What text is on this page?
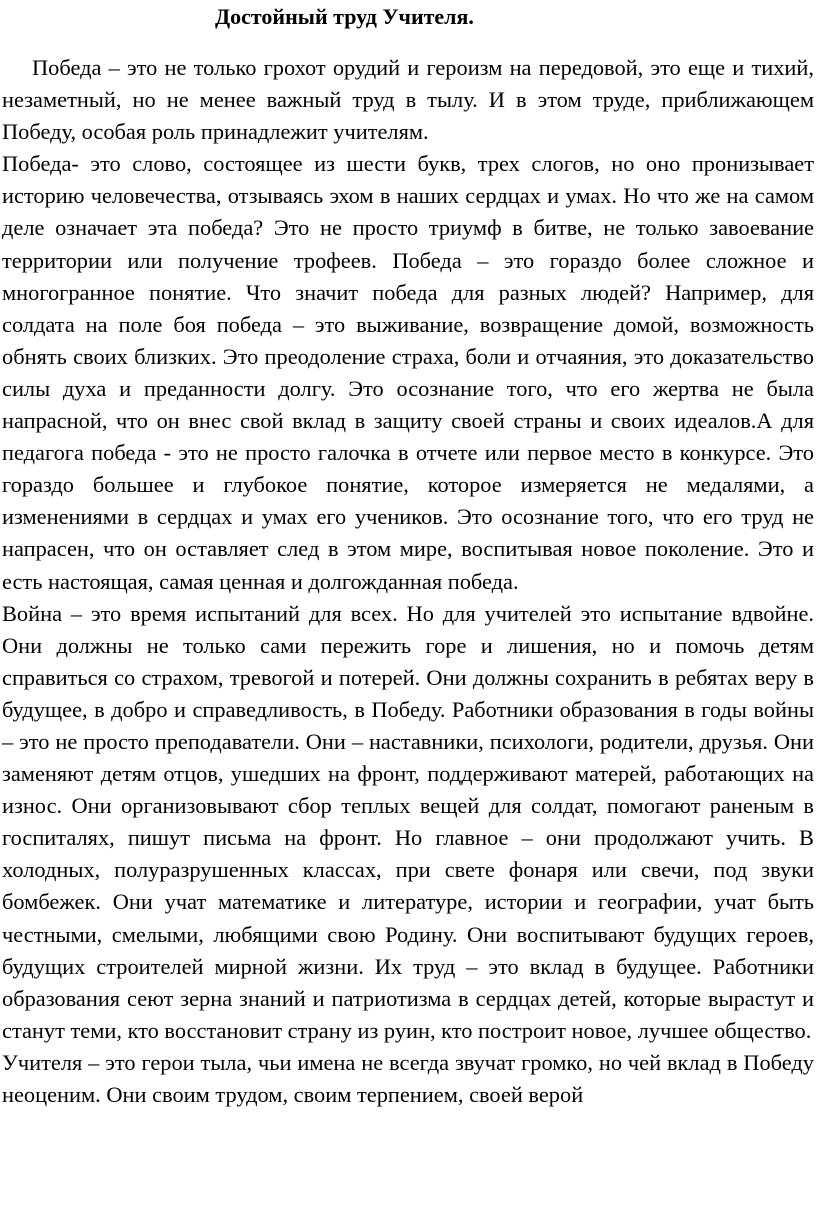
Достойный труд Учителя.

Победа – это не только грохот орудий и героизм на передовой, это еще и тихий, незаметный, но не менее важный труд в тылу. И в этом труде, приближающем Победу, особая роль принадлежит учителям.

Победа- это слово, состоящее из шести букв, трех слогов, но оно пронизывает историю человечества, отзываясь эхом в наших сердцах и умах. Но что же на самом деле означает эта победа? Это не просто триумф в битве, не только завоевание территории или получение трофеев. Победа – это гораздо более сложное и многогранное понятие. Что значит победа для разных людей? Например, для солдата на поле боя победа – это выживание, возвращение домой, возможность обнять своих близких. Это преодоление страха, боли и отчаяния, это доказательство силы духа и преданности долгу. Это осознание того, что его жертва не была напрасной, что он внес свой вклад в защиту своей страны и своих идеалов.А для педагога победа - это не просто галочка в отчете или первое место в конкурсе. Это гораздо большее и глубокое понятие, которое измеряется не медалями, а изменениями в сердцах и умах его учеников. Это осознание того, что его труд не напрасен, что он оставляет след в этом мире, воспитывая новое поколение. Это и есть настоящая, самая ценная и долгожданная победа.

Война – это время испытаний для всех. Но для учителей это испытание вдвойне. Они должны не только сами пережить горе и лишения, но и помочь детям справиться со страхом, тревогой и потерей. Они должны сохранить в ребятах веру в будущее, в добро и справедливость, в Победу. Работники образования в годы войны – это не просто преподаватели. Они – наставники, психологи, родители, друзья. Они заменяют детям отцов, ушедших на фронт, поддерживают матерей, работающих на износ. Они организовывают сбор теплых вещей для солдат, помогают раненым в госпиталях, пишут письма на фронт. Но главное – они продолжают учить. В холодных, полуразрушенных классах, при свете фонаря или свечи, под звуки бомбежек. Они учат математике и литературе, истории и географии, учат быть честными, смелыми, любящими свою Родину. Они воспитывают будущих героев, будущих строителей мирной жизни. Их труд – это вклад в будущее. Работники образования сеют зерна знаний и патриотизма в сердцах детей, которые вырастут и станут теми, кто восстановит страну из руин, кто построит новое, лучшее общество.

Учителя – это герои тыла, чьи имена не всегда звучат громко, но чей вклад в Победу неоценим. Они своим трудом, своим терпением, своей верой
